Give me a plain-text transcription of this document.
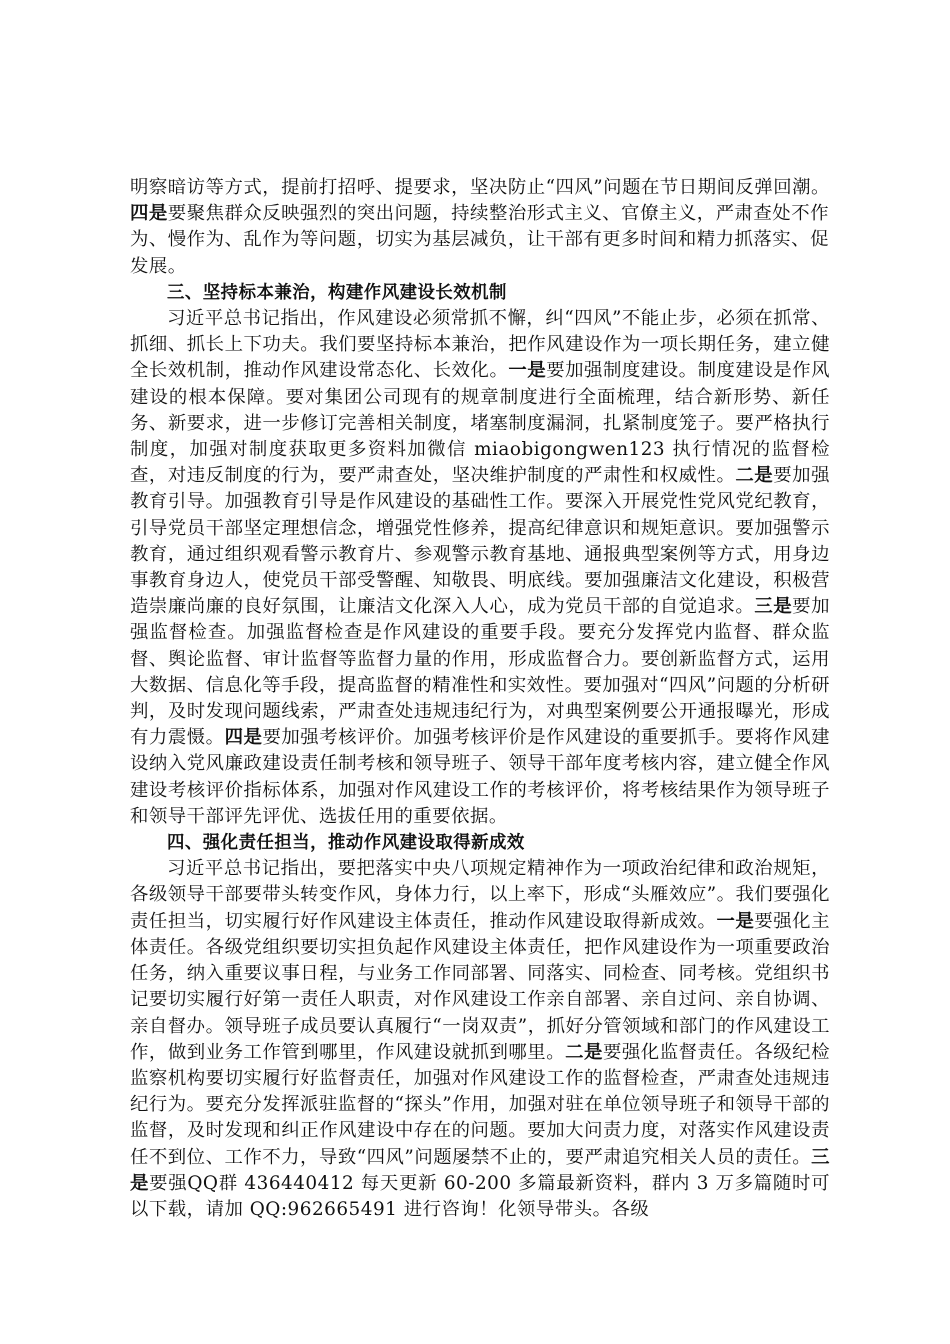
明察暗访等方式，提前打招呼、提要求，坚决防止“四风”问题在节日期间反弹回潮。四是要聚焦群众反映强烈的突出问题，持续整治形式主义、官僚主义，严肃查处不作为、慢作为、乱作为等问题，切实为基层减负，让干部有更多时间和精力抓落实、促发展。

三、坚持标本兼治，构建作风建设长效机制

习近平总书记指出，作风建设必须常抓不懈，纠“四风”不能止步，必须在抓常、抓细、抓长上下功夫。我们要坚持标本兼治，把作风建设作为一项长期任务，建立健全长效机制，推动作风建设常态化、长效化。一是要加强制度建设。制度建设是作风建设的根本保障。要对集团公司现有的规章制度进行全面梳理，结合新形势、新任务、新要求，进一步修订完善相关制度，堵塞制度漏洞，扎紧制度笼子。要严格执行制度，加强对制度获取更多资料加微信 miaobigongwen123 执行情况的监督检查，对违反制度的行为，要严肃查处，坚决维护制度的严肃性和权威性。二是要加强教育引导。加强教育引导是作风建设的基础性工作。要深入开展党性党风党纪教育，引导党员干部坚定理想信念，增强党性修养，提高纪律意识和规矩意识。要加强警示教育，通过组织观看警示教育片、参观警示教育基地、通报典型案例等方式，用身边事教育身边人，使党员干部受警醒、知敬畏、明底线。要加强廉洁文化建设，积极营造崇廉尚廉的良好氛围，让廉洁文化深入人心，成为党员干部的自觉追求。三是要加强监督检查。加强监督检查是作风建设的重要手段。要充分发挥党内监督、群众监督、舆论监督、审计监督等监督力量的作用，形成监督合力。要创新监督方式，运用大数据、信息化等手段，提高监督的精准性和实效性。要加强对“四风”问题的分析研判，及时发现问题线索，严肃查处违规违纪行为，对典型案例要公开通报曝光，形成有力震慑。四是要加强考核评价。加强考核评价是作风建设的重要抓手。要将作风建设纳入党风廉政建设责任制考核和领导班子、领导干部年度考核内容，建立健全作风建设考核评价指标体系，加强对作风建设工作的考核评价，将考核结果作为领导班子和领导干部评先评优、选拔任用的重要依据。

四、强化责任担当，推动作风建设取得新成效

习近平总书记指出，要把落实中央八项规定精神作为一项政治纪律和政治规矩，各级领导干部要带头转变作风，身体力行，以上率下，形成“头雁效应”。我们要强化责任担当，切实履行好作风建设主体责任，推动作风建设取得新成效。一是要强化主体责任。各级党组织要切实担负起作风建设主体责任，把作风建设作为一项重要政治任务，纳入重要议事日程，与业务工作同部署、同落实、同检查、同考核。党组织书记要切实履行好第一责任人职责，对作风建设工作亲自部署、亲自过问、亲自协调、亲自督办。领导班子成员要认真履行“一岗双责”，抓好分管领域和部门的作风建设工作，做到业务工作管到哪里，作风建设就抓到哪里。二是要强化监督责任。各级纪检监察机构要切实履行好监督责任，加强对作风建设工作的监督检查，严肃查处违规违纪行为。要充分发挥派驻监督的“探头”作用，加强对驻在单位领导班子和领导干部的监督，及时发现和纠正作风建设中存在的问题。要加大问责力度，对落实作风建设责任不到位、工作不力，导致“四风”问题屡禁不止的，要严肃追究相关人员的责任。三是要强QQ群 436440412 每天更新 60-200 多篇最新资料，群内 3 万多篇随时可以下载，请加 QQ:962665491 进行咨询！化领导带头。各级
